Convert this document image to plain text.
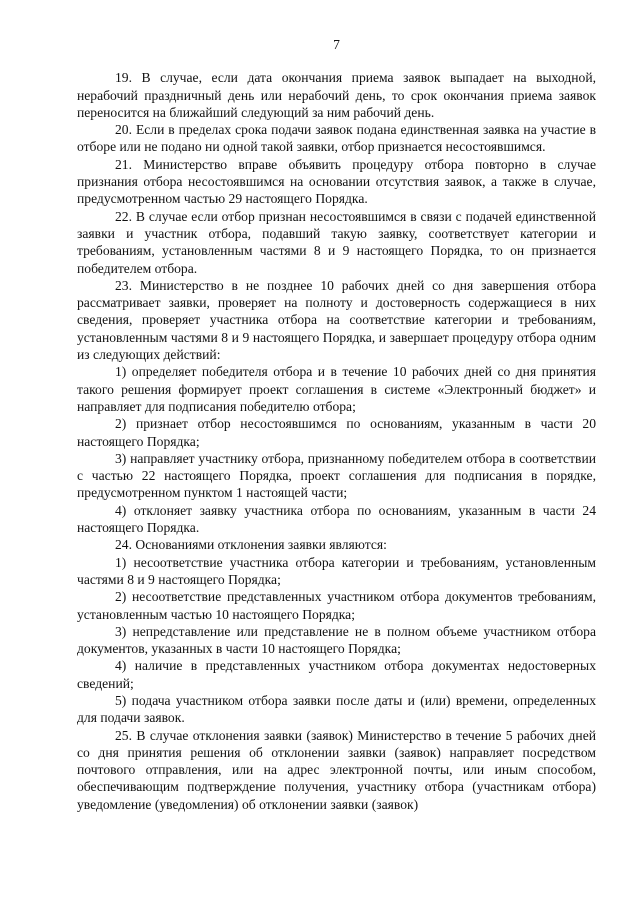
7

19. В случае, если дата окончания приема заявок выпадает на выходной, нерабочий праздничный день или нерабочий день, то срок окончания приема заявок переносится на ближайший следующий за ним рабочий день.

20. Если в пределах срока подачи заявок подана единственная заявка на участие в отборе или не подано ни одной такой заявки, отбор признается несостоявшимся.

21. Министерство вправе объявить процедуру отбора повторно в случае признания отбора несостоявшимся на основании отсутствия заявок, а также в случае, предусмотренном частью 29 настоящего Порядка.

22. В случае если отбор признан несостоявшимся в связи с подачей единственной заявки и участник отбора, подавший такую заявку, соответствует категории и требованиям, установленным частями 8 и 9 настоящего Порядка, то он признается победителем отбора.

23. Министерство в не позднее 10 рабочих дней со дня завершения отбора рассматривает заявки, проверяет на полноту и достоверность содержащиеся в них сведения, проверяет участника отбора на соответствие категории и требованиям, установленным частями 8 и 9 настоящего Порядка, и завершает процедуру отбора одним из следующих действий:

1) определяет победителя отбора и в течение 10 рабочих дней со дня принятия такого решения формирует проект соглашения в системе «Электронный бюджет» и направляет для подписания победителю отбора;

2) признает отбор несостоявшимся по основаниям, указанным в части 20 настоящего Порядка;

3) направляет участнику отбора, признанному победителем отбора в соответствии с частью 22 настоящего Порядка, проект соглашения для подписания в порядке, предусмотренном пунктом 1 настоящей части;

4) отклоняет заявку участника отбора по основаниям, указанным в части 24 настоящего Порядка.

24. Основаниями отклонения заявки являются:

1) несоответствие участника отбора категории и требованиям, установленным частями 8 и 9 настоящего Порядка;

2) несоответствие представленных участником отбора документов требованиям, установленным частью 10 настоящего Порядка;

3) непредставление или представление не в полном объеме участником отбора документов, указанных в части 10 настоящего Порядка;

4) наличие в представленных участником отбора документах недостоверных сведений;

5) подача участником отбора заявки после даты и (или) времени, определенных для подачи заявок.

25. В случае отклонения заявки (заявок) Министерство в течение 5 рабочих дней со дня принятия решения об отклонении заявки (заявок) направляет посредством почтового отправления, или на адрес электронной почты, или иным способом, обеспечивающим подтверждение получения, участнику отбора (участникам отбора) уведомление (уведомления) об отклонении заявки (заявок)
